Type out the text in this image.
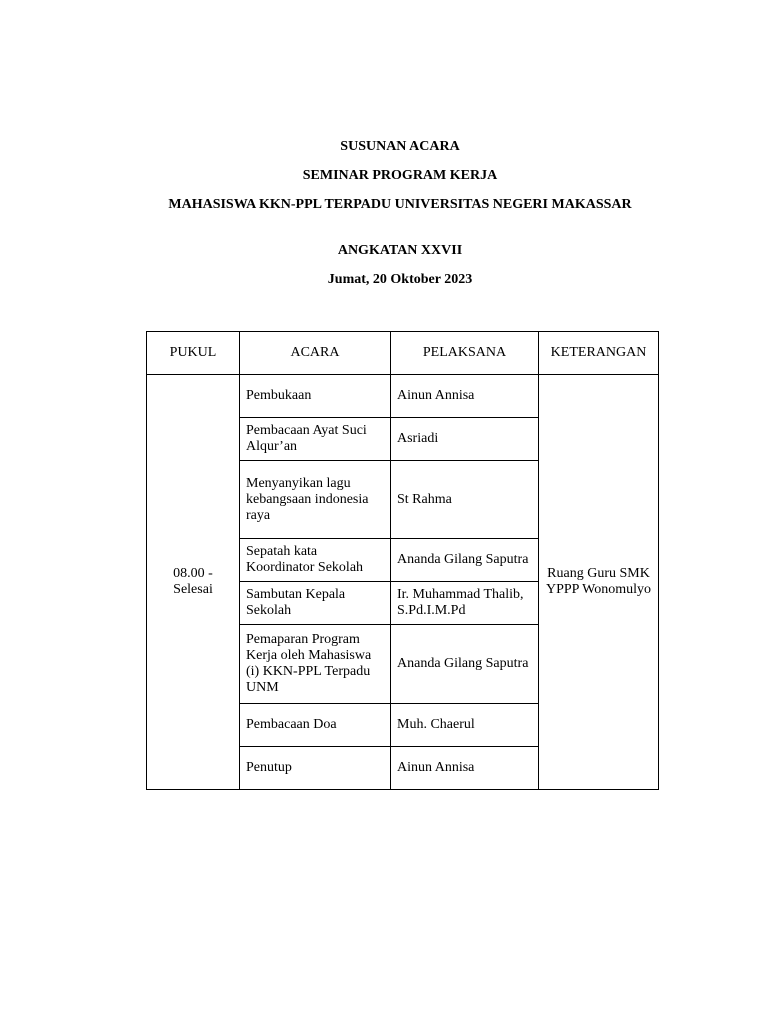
SUSUNAN ACARA

SEMINAR PROGRAM KERJA

MAHASISWA KKN-PPL TERPADU UNIVERSITAS NEGERI MAKASSAR

ANGKATAN XXVII

Jumat, 20 Oktober 2023

PUKUL	ACARA	PELAKSANA	KETERANGAN
08.00 - Selesai	Pembukaan	Ainun Annisa	Ruang Guru SMK YPPP Wonomulyo
	Pembacaan Ayat Suci Alqur’an	Asriadi	
	Menyanyikan lagu kebangsaan indonesia raya	St Rahma	
	Sepatah kata Koordinator Sekolah	Ananda Gilang Saputra	
	Sambutan Kepala Sekolah	Ir. Muhammad Thalib, S.Pd.I.M.Pd	
	Pemaparan Program Kerja oleh Mahasiswa (i) KKN-PPL Terpadu UNM	Ananda Gilang Saputra	
	Pembacaan Doa	Muh. Chaerul	
	Penutup	Ainun Annisa	
